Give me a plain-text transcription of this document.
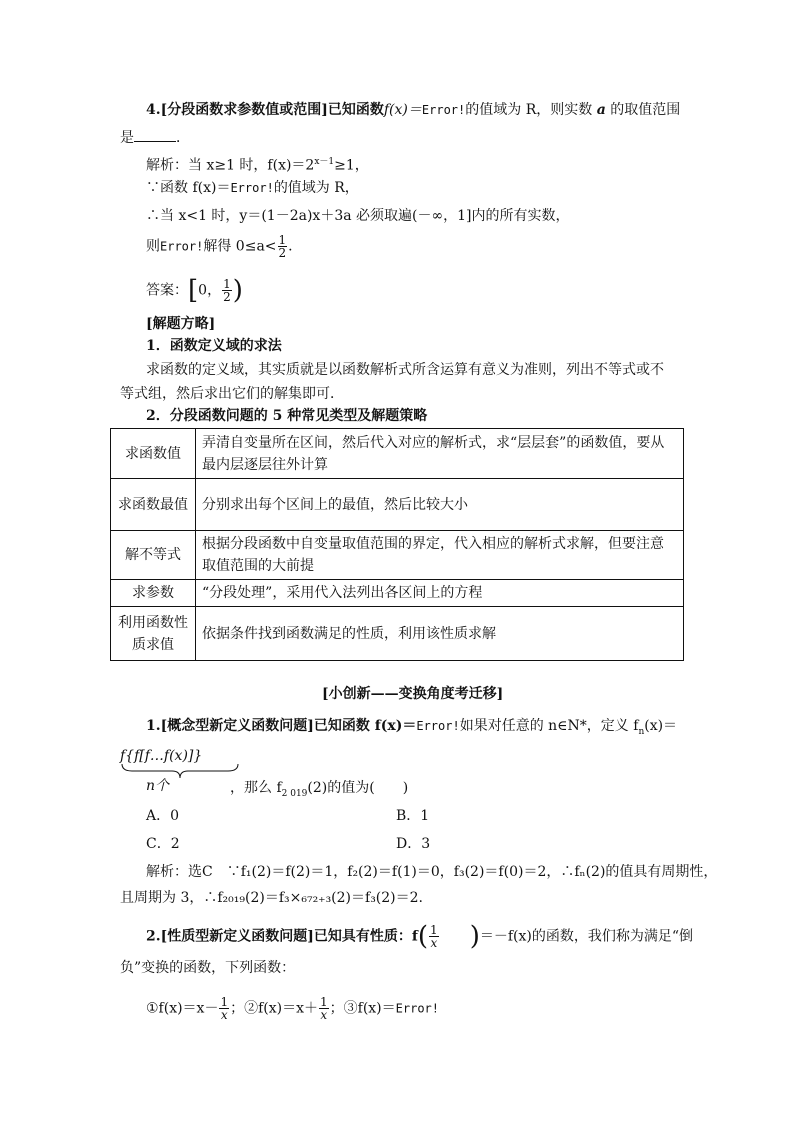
4.[分段函数求参数值或范围]已知函数f(x)＝Error!的值域为 R，则实数 a 的取值范围
是	．
解析：当 x≥1 时，$f(x)=2^{x-1}\ge 1$，
∵函数 f(x)＝Error!的值域为 R，
∴当 x<1 时，y＝(1－2a)x＋3a 必须取遍(－∞，1]内的所有实数，
则Error!解得 $0\le a< \frac{1}{2}$ .
答案：[0， $\frac{1}{2}$ )
[解题方略]
1．函数定义域的求法
求函数的定义域，其实质就是以函数解析式所含运算有意义为准则，列出不等式或不
等式组，然后求出它们的解集即可．
2．分段函数问题的 5 种常见类型及解题策略
求函数值	弄清自变量所在区间，然后代入对应的解析式，求“层层套”的函数值，要从最内层逐层往外计算
求函数最值	分别求出每个区间上的最值，然后比较大小
解不等式	根据分段函数中自变量取值范围的界定，代入相应的解析式求解，但要注意取值范围的大前提
求参数	“分段处理”，采用代入法列出各区间上的方程
利用函数性质求值	依据条件找到函数满足的性质，利用该性质求解
[小创新——变换角度考迁移]
1.[概念型新定义函数问题]已知函数 f(x)＝Error!如果对任意的 n∈N*，定义 $f_n(x)=$
f{f[f…f(x)]}
n个	，那么 $f_{2 019}(2)$的值为(　　)
A．0	B．1
C．2	D．3
解析：选C　∵f₁(2)＝f(2)＝1，f₂(2)＝f(1)＝0，f₃(2)＝f(0)＝2，∴fₙ(2)的值具有周期性，
且周期为 3，∴f₂₀₁₉(2)＝f₃×₆₇₂₊₃(2)＝f₃(2)＝2.
2.[性质型新定义函数问题]已知具有性质：$f( \frac{1}{x} )=-f(x)$的函数，我们称为满足“倒
负”变换的函数，下列函数：
①f(x)＝x－ $\frac{1}{x}$ ；②f(x)＝x＋ $\frac{1}{x}$ ；③f(x)＝Error!
